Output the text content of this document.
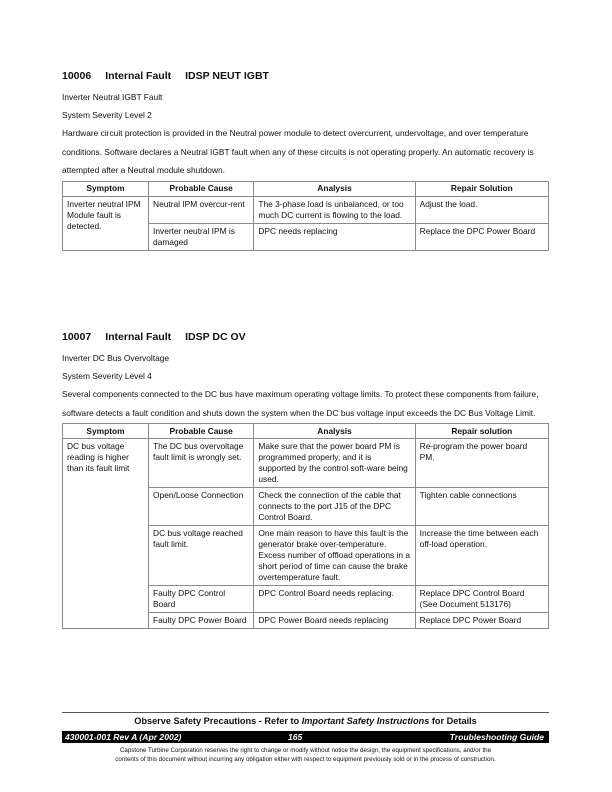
10006 Internal Fault IDSP NEUT IGBT

Inverter Neutral IGBT Fault

System Severity Level 2

Hardware circuit protection is provided in the Neutral power module to detect overcurrent, undervoltage, and over temperature conditions. Software declares a Neutral IGBT fault when any of these circuits is not operating properly. An automatic recovery is attempted after a Neutral module shutdown.

Symptom	Probable Cause	Analysis	Repair Solution
Inverter neutral IPM Module fault is detected.	Neutral IPM overcur-rent	The 3-phase load is unbalanced, or too much DC current is flowing to the load.	Adjust the load.
	Inverter neutral IPM is damaged	DPC needs replacing	Replace the DPC Power Board
10007 Internal Fault IDSP DC OV

Inverter DC Bus Overvoltage

System Severity Level 4

Several components connected to the DC bus have maximum operating voltage limits. To protect these components from failure, software detects a fault condition and shuts down the system when the DC bus voltage input exceeds the DC Bus Voltage Limit.

Symptom	Probable Cause	Analysis	Repair solution
DC bus voltage reading is higher than its fault limit	The DC bus overvoltage fault limit is wrongly set.	Make sure that the power board PM is programmed properly, and it is supported by the control soft-ware being used.	Re-program the power board PM.
	Open/Loose Connection	Check the connection of the cable that connects to the port J15 of the DPC Control Board.	Tighten cable connections
	DC bus voltage reached fault limit.	One main reason to have this fault is the generator brake over-temperature. Excess number of offload operations in a short period of time can cause the brake overtemperature fault.	Increase the time between each off-load operation.
	Faulty DPC Control Board	DPC Control Board needs replacing.	Replace DPC Control Board (See Document 513176)
	Faulty DPC Power Board	DPC Power Board needs replacing	Replace DPC Power Board
Observe Safety Precautions - Refer to Important Safety Instructions for Details
430001-001 Rev A (Apr 2002)	165	Troubleshooting Guide
Capstone Turbine Corporation reserves the right to change or modify without notice the design, the equipment specifications, and/or the
contents of this document without incurring any obligation either with respect to equipment previously sold or in the process of construction.
